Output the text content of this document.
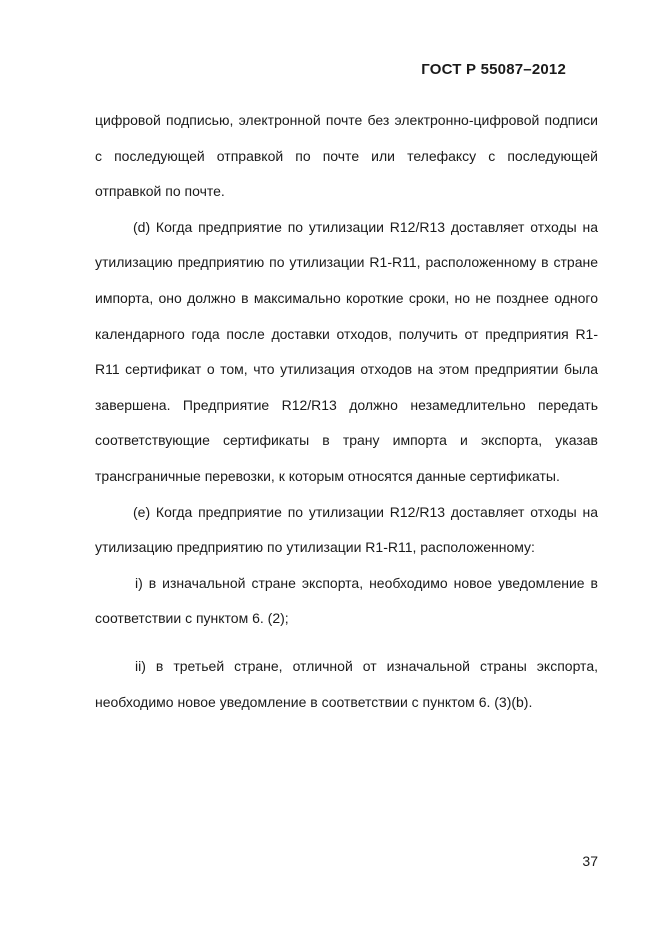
ГОСТ Р 55087–2012

цифровой подписью, электронной почте без электронно-цифровой подписи с последующей отправкой по почте или телефаксу с последующей отправкой по почте.

(d) Когда предприятие по утилизации R12/R13 доставляет отходы на утилизацию предприятию по утилизации R1-R11, расположенному в стране импорта, оно должно в максимально короткие сроки, но не позднее одного календарного года после доставки отходов, получить от предприятия R1-R11 сертификат о том, что утилизация отходов на этом предприятии была завершена. Предприятие R12/R13 должно незамедлительно передать соответствующие сертификаты в трану импорта и экспорта, указав трансграничные перевозки, к которым относятся данные сертификаты.

(е) Когда предприятие по утилизации R12/R13 доставляет отходы на утилизацию предприятию по утилизации R1-R11, расположенному:

i) в изначальной стране экспорта, необходимо новое уведомление в соответствии с пунктом 6. (2);

ii) в третьей стране, отличной от изначальной страны экспорта, необходимо новое уведомление в соответствии с пунктом 6. (3)(b).

37
